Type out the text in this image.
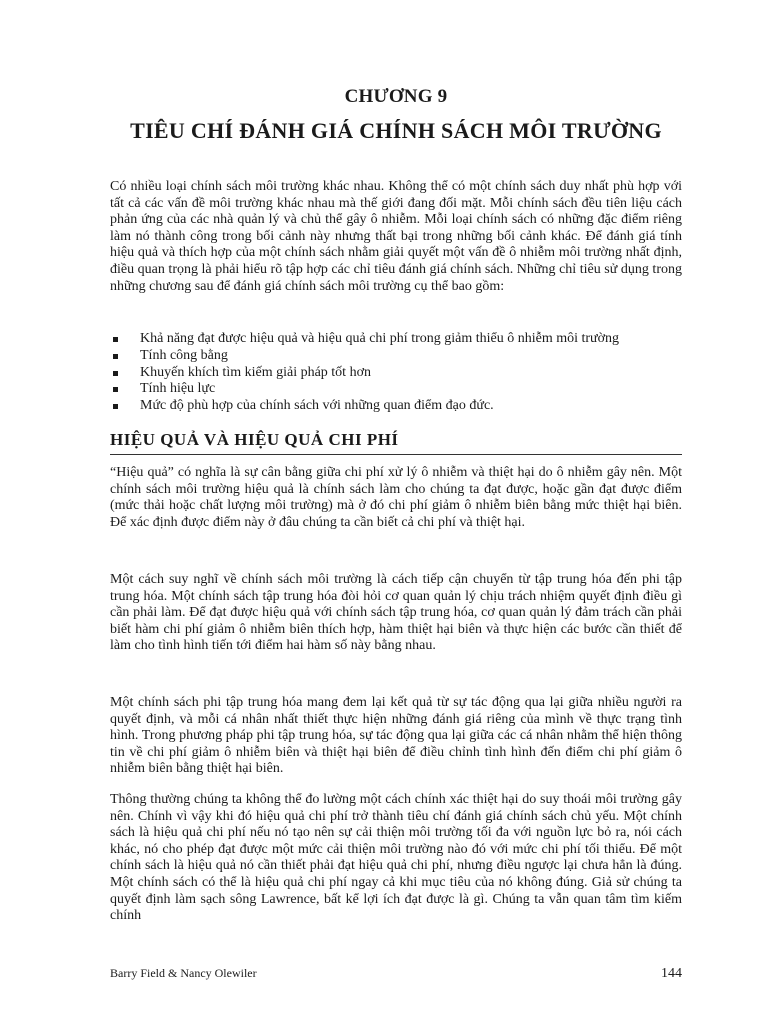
CHƯƠNG 9
TIÊU CHÍ ĐÁNH GIÁ CHÍNH SÁCH MÔI TRƯỜNG

Có nhiều loại chính sách môi trường khác nhau. Không thể có một chính sách duy nhất phù hợp với tất cả các vấn đề môi trường khác nhau mà thế giới đang đối mặt. Mỗi chính sách đều tiên liệu cách phản ứng của các nhà quản lý và chủ thể gây ô nhiễm. Mỗi loại chính sách có những đặc điểm riêng làm nó thành công trong bối cảnh này nhưng thất bại trong những bối cảnh khác. Để đánh giá tính hiệu quả và thích hợp của một chính sách nhằm giải quyết một vấn đề ô nhiễm môi trường nhất định, điều quan trọng là phải hiểu rõ tập hợp các chỉ tiêu đánh giá chính sách. Những chỉ tiêu sử dụng trong những chương sau để đánh giá chính sách môi trường cụ thể bao gồm:

Khả năng đạt được hiệu quả và hiệu quả chi phí trong giảm thiểu ô nhiễm môi trường
Tính công bằng
Khuyến khích tìm kiếm giải pháp tốt hơn
Tính hiệu lực
Mức độ phù hợp của chính sách với những quan điểm đạo đức.
HIỆU QUẢ VÀ HIỆU QUẢ CHI PHÍ

“Hiệu quả” có nghĩa là sự cân bằng giữa chi phí xử lý ô nhiễm và thiệt hại do ô nhiễm gây nên. Một chính sách môi trường hiệu quả là chính sách làm cho chúng ta đạt được, hoặc gần đạt được điểm (mức thải hoặc chất lượng môi trường) mà ở đó chi phí giảm ô nhiễm biên bằng mức thiệt hại biên. Để xác định được điểm này ở đâu chúng ta cần biết cả chi phí và thiệt hại.

Một cách suy nghĩ về chính sách môi trường là cách tiếp cận chuyển từ tập trung hóa đến phi tập trung hóa. Một chính sách tập trung hóa đòi hỏi cơ quan quản lý chịu trách nhiệm quyết định điều gì cần phải làm. Để đạt được hiệu quả với chính sách tập trung hóa, cơ quan quản lý đảm trách cần phải biết hàm chi phí giảm ô nhiễm biên thích hợp, hàm thiệt hại biên và thực hiện các bước cần thiết để làm cho tình hình tiến tới điểm hai hàm số này bằng nhau.

Một chính sách phi tập trung hóa mang đem lại kết quả từ sự tác động qua lại giữa nhiều người ra quyết định, và mỗi cá nhân nhất thiết thực hiện những đánh giá riêng của mình về thực trạng tình hình. Trong phương pháp phi tập trung hóa, sự tác động qua lại giữa các cá nhân nhằm thể hiện thông tin về chi phí giảm ô nhiễm biên và thiệt hại biên để điều chỉnh tình hình đến điểm chi phí giảm ô nhiễm biên bằng thiệt hại biên.

Thông thường chúng ta không thể đo lường một cách chính xác thiệt hại do suy thoái môi trường gây nên. Chính vì vậy khi đó hiệu quả chi phí trở thành tiêu chí đánh giá chính sách chủ yếu. Một chính sách là hiệu quả chi phí nếu nó tạo nên sự cải thiện môi trường tối đa với nguồn lực bỏ ra, nói cách khác, nó cho phép đạt được một mức cải thiện môi trường nào đó với mức chi phí tối thiểu. Để một chính sách là hiệu quả nó cần thiết phải đạt hiệu quả chi phí, nhưng điều ngược lại chưa hẳn là đúng. Một chính sách có thể là hiệu quả chi phí ngay cả khi mục tiêu của nó không đúng. Giả sử chúng ta quyết định làm sạch sông Lawrence, bất kể lợi ích đạt được là gì. Chúng ta vẫn quan tâm tìm kiếm chính

Barry Field & Nancy Olewiler	144
